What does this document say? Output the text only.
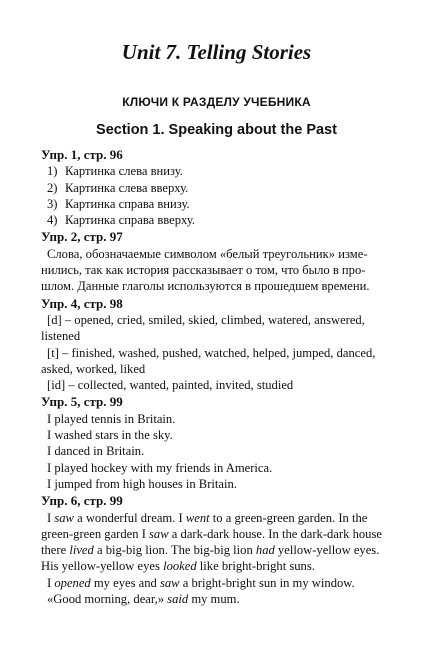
Unit 7. Telling Stories
КЛЮЧИ К РАЗДЕЛУ УЧЕБНИКА
Section 1. Speaking about the Past
Упр. 1, стр. 96
1) Картинка слева внизу.
2) Картинка слева вверху.
3) Картинка справа внизу.
4) Картинка справа вверху.
Упр. 2, стр. 97
Слова, обозначаемые символом «белый треугольник» изме-
нились, так как история рассказывает о том, что было в про-
шлом. Данные глаголы используются в прошедшем времени.
Упр. 4, стр. 98
[d] – opened, cried, smiled, skied, climbed, watered, answered,
listened
[t] – finished, washed, pushed, watched, helped, jumped, danced,
asked, worked, liked
[id] – collected, wanted, painted, invited, studied
Упр. 5, стр. 99
I played tennis in Britain.
I washed stars in the sky.
I danced in Britain.
I played hockey with my friends in America.
I jumped from high houses in Britain.
Упр. 6, стр. 99
I saw a wonderful dream. I went to a green-green garden. In the
green-green garden I saw a dark-dark house. In the dark-dark house
there lived a big-big lion. The big-big lion had yellow-yellow eyes.
His yellow-yellow eyes looked like bright-bright suns.
I opened my eyes and saw a bright-bright sun in my window.
«Good morning, dear,» said my mum.
